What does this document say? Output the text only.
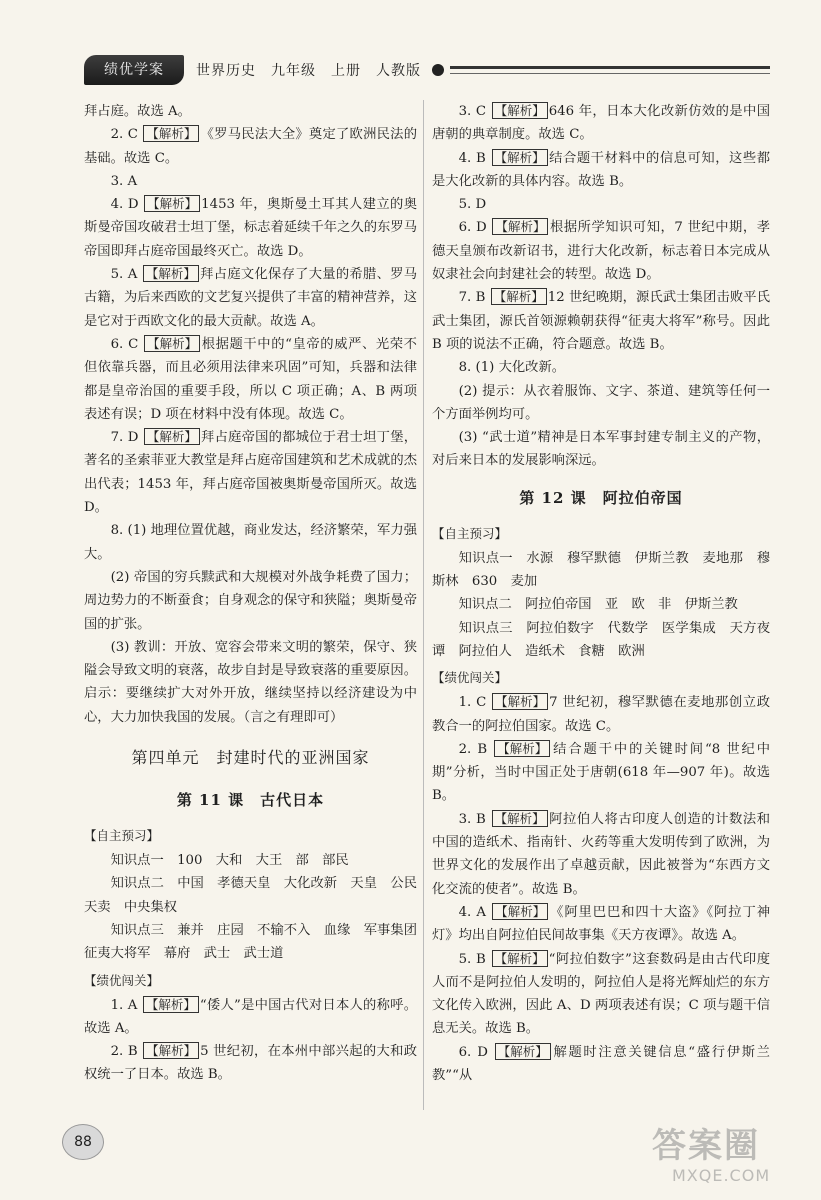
绩优学案	世界历史　九年级　上册　人教版

拜占庭。故选 A。

2. C 【解析】 《罗马民法大全》奠定了欧洲民法的基础。故选 C。

3. A

4. D 【解析】 1453 年，奥斯曼土耳其人建立的奥斯曼帝国攻破君士坦丁堡，标志着延续千年之久的东罗马帝国即拜占庭帝国最终灭亡。故选 D。

5. A 【解析】 拜占庭文化保存了大量的希腊、罗马古籍，为后来西欧的文艺复兴提供了丰富的精神营养，这是它对于西欧文化的最大贡献。故选 A。

6. C 【解析】 根据题干中的“皇帝的威严、光荣不但依靠兵器，而且必须用法律来巩固”可知，兵器和法律都是皇帝治国的重要手段，所以 C 项正确；A、B 两项表述有误；D 项在材料中没有体现。故选 C。

7. D 【解析】 拜占庭帝国的都城位于君士坦丁堡，著名的圣索菲亚大教堂是拜占庭帝国建筑和艺术成就的杰出代表；1453 年，拜占庭帝国被奥斯曼帝国所灭。故选 D。

8. (1) 地理位置优越，商业发达，经济繁荣，军力强大。

(2) 帝国的穷兵黩武和大规模对外战争耗费了国力；周边势力的不断蚕食；自身观念的保守和狭隘；奥斯曼帝国的扩张。

(3) 教训：开放、宽容会带来文明的繁荣，保守、狭隘会导致文明的衰落，故步自封是导致衰落的重要原因。启示：要继续扩大对外开放，继续坚持以经济建设为中心，大力加快我国的发展。（言之有理即可）

第四单元　封建时代的亚洲国家
第 11 课　古代日本
【自主预习】

知识点一　100　大和　大王　部　部民

知识点二　中国　孝德天皇　大化改新　天皇　公民　天卖　中央集权

知识点三　兼并　庄园　不输不入　血缘　军事集团　征夷大将军　幕府　武士　武士道

【绩优闯关】

1. A 【解析】 “倭人”是中国古代对日本人的称呼。故选 A。

2. B 【解析】 5 世纪初，在本州中部兴起的大和政权统一了日本。故选 B。

3. C 【解析】 646 年，日本大化改新仿效的是中国唐朝的典章制度。故选 C。

4. B 【解析】 结合题干材料中的信息可知，这些都是大化改新的具体内容。故选 B。

5. D

6. D 【解析】 根据所学知识可知，7 世纪中期，孝德天皇颁布改新诏书，进行大化改新，标志着日本完成从奴隶社会向封建社会的转型。故选 D。

7. B 【解析】 12 世纪晚期，源氏武士集团击败平氏武士集团，源氏首领源赖朝获得“征夷大将军”称号。因此 B 项的说法不正确，符合题意。故选 B。

8. (1) 大化改新。

(2) 提示：从衣着服饰、文字、茶道、建筑等任何一个方面举例均可。

(3) “武士道”精神是日本军事封建专制主义的产物，对后来日本的发展影响深远。

第 12 课　阿拉伯帝国
【自主预习】

知识点一　水源　穆罕默德　伊斯兰教　麦地那　穆斯林　630　麦加

知识点二　阿拉伯帝国　亚　欧　非　伊斯兰教

知识点三　阿拉伯数字　代数学　医学集成　天方夜谭　阿拉伯人　造纸术　食糖　欧洲

【绩优闯关】

1. C 【解析】 7 世纪初，穆罕默德在麦地那创立政教合一的阿拉伯国家。故选 C。

2. B 【解析】 结合题干中的关键时间“8 世纪中期”分析，当时中国正处于唐朝(618 年—907 年)。故选 B。

3. B 【解析】 阿拉伯人将古印度人创造的计数法和中国的造纸术、指南针、火药等重大发明传到了欧洲，为世界文化的发展作出了卓越贡献，因此被誉为“东西方文化交流的使者”。故选 B。

4. A 【解析】 《阿里巴巴和四十大盗》《阿拉丁神灯》均出自阿拉伯民间故事集《天方夜谭》。故选 A。

5. B 【解析】 “阿拉伯数字”这套数码是由古代印度人而不是阿拉伯人发明的，阿拉伯人是将光辉灿烂的东方文化传入欧洲，因此 A、D 两项表述有误；C 项与题干信息无关。故选 B。

6. D 【解析】 解题时注意关键信息“盛行伊斯兰教”“从

88	答案圈
MXQE.COM
